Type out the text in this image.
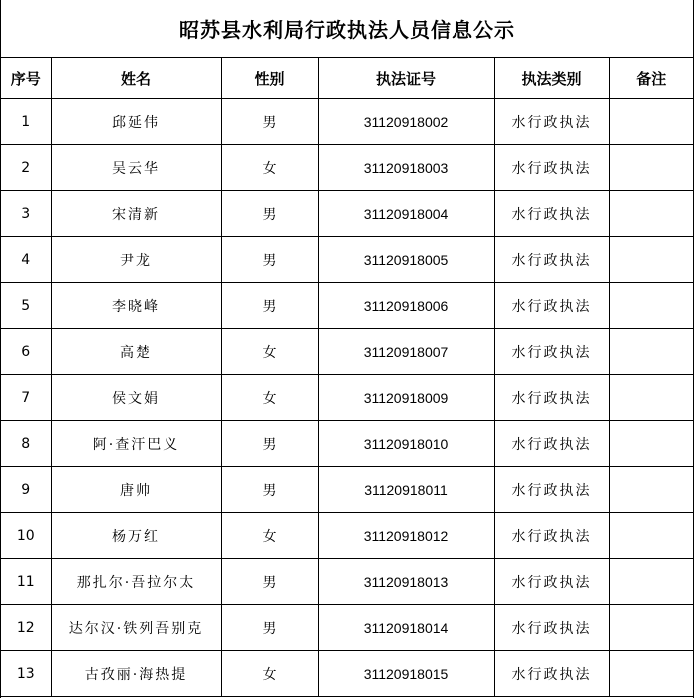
昭苏县水利局行政执法人员信息公示
序号	姓名	性别	执法证号	执法类别	备注
1	邱延伟	男	31120918002	水行政执法	
2	吴云华	女	31120918003	水行政执法	
3	宋清新	男	31120918004	水行政执法	
4	尹龙	男	31120918005	水行政执法	
5	李晓峰	男	31120918006	水行政执法	
6	高楚	女	31120918007	水行政执法	
7	侯文娟	女	31120918009	水行政执法	
8	阿·查汗巴义	男	31120918010	水行政执法	
9	唐帅	男	31120918011	水行政执法	
10	杨万红	女	31120918012	水行政执法	
11	那扎尔·吾拉尔太	男	31120918013	水行政执法	
12	达尔汉·铁列吾别克	男	31120918014	水行政执法	
13	古孜丽·海热提	女	31120918015	水行政执法	
